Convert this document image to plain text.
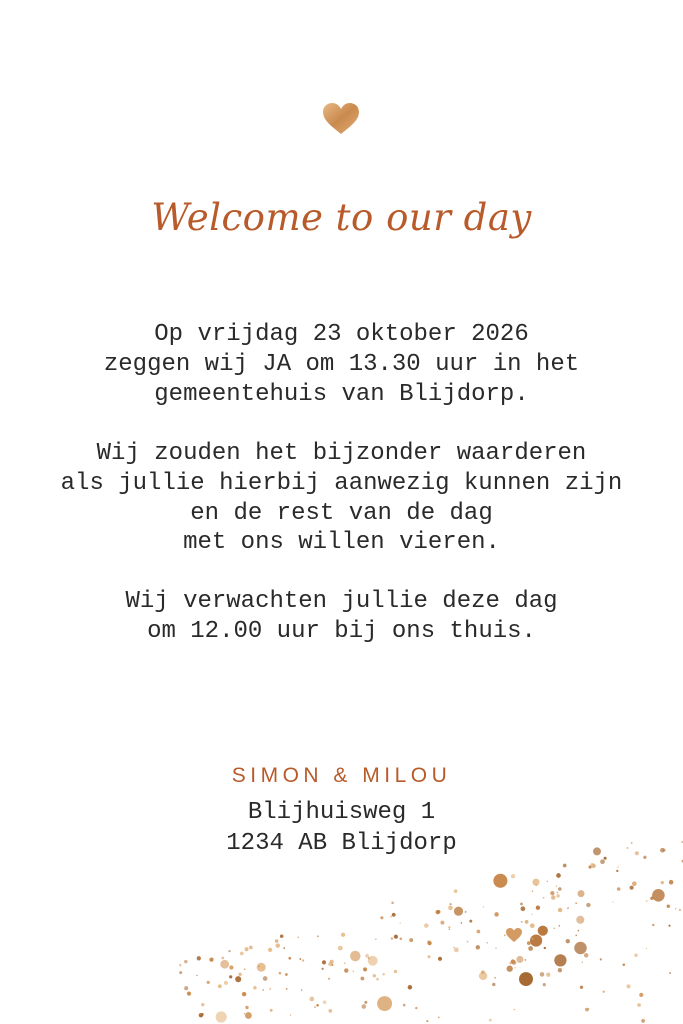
Welcome to our day
Op vrijdag 23 oktober 2026
zeggen wij JA om 13.30 uur in het
gemeentehuis van Blijdorp.
Wij zouden het bijzonder waarderen
als jullie hierbij aanwezig kunnen zijn
en de rest van de dag
met ons willen vieren.
Wij verwachten jullie deze dag
om 12.00 uur bij ons thuis.
SIMON & MILOU
Blijhuisweg 1
1234 AB Blijdorp
